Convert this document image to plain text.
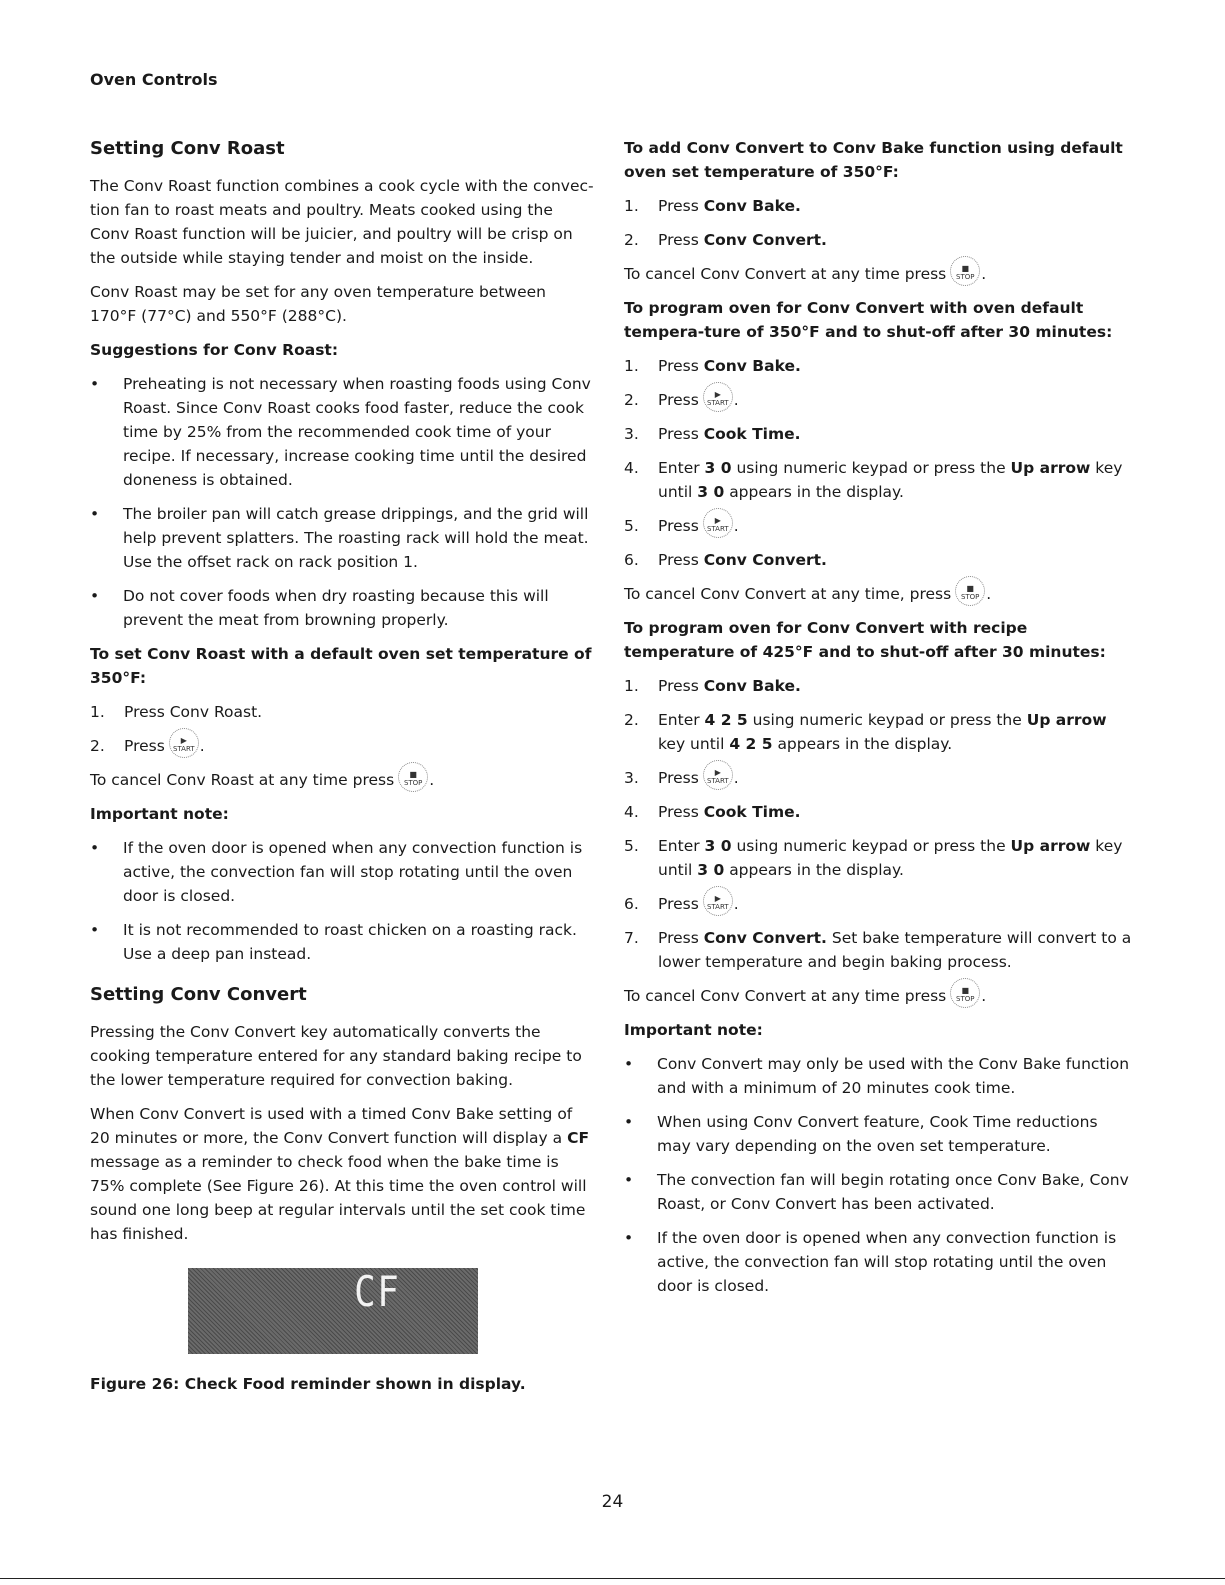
Oven Controls
Setting Conv Roast

The Conv Roast function combines a cook cycle with the convec-tion fan to roast meats and poultry. Meats cooked using the Conv Roast function will be juicier, and poultry will be crisp on the outside while staying tender and moist on the inside.

Conv Roast may be set for any oven temperature between 170°F (77°C) and 550°F (288°C).

Suggestions for Conv Roast:
• Preheating is not necessary when roasting foods using Conv Roast. Since Conv Roast cooks food faster, reduce the cook time by 25% from the recommended cook time of your recipe. If necessary, increase cooking time until the desired doneness is obtained.
• The broiler pan will catch grease drippings, and the grid will help prevent splatters. The roasting rack will hold the meat. Use the offset rack on rack position 1.
• Do not cover foods when dry roasting because this will prevent the meat from browning properly.
To set Conv Roast with a default oven set temperature of 350°F:
1. Press Conv Roast.
2. Press	▶
START .

To cancel Conv Roast at any time press	■
STOP .

Important note:
• If the oven door is opened when any convection function is active, the convection fan will stop rotating until the oven door is closed.
• It is not recommended to roast chicken on a roasting rack. Use a deep pan instead.
Setting Conv Convert

Pressing the Conv Convert key automatically converts the cooking temperature entered for any standard baking recipe to the lower temperature required for convection baking.

When Conv Convert is used with a timed Conv Bake setting of 20 minutes or more, the Conv Convert function will display a CF message as a reminder to check food when the bake time is 75% complete (See Figure 26). At this time the oven control will sound one long beep at regular intervals until the set cook time has finished.

CF
Figure 26: Check Food reminder shown in display.
To add Conv Convert to Conv Bake function using default oven set temperature of 350°F:
1. Press Conv Bake.
2. Press Conv Convert.

To cancel Conv Convert at any time press	■
STOP .

To program oven for Conv Convert with oven default tempera-ture of 350°F and to shut-off after 30 minutes:
1. Press Conv Bake.
2. Press	▶
START .
3. Press Cook Time.
4. Enter 3 0 using numeric keypad or press the Up arrow key until 3 0 appears in the display.
5. Press	▶
START .
6. Press Conv Convert.

To cancel Conv Convert at any time, press	■
STOP .

To program oven for Conv Convert with recipe temperature of 425°F and to shut-off after 30 minutes:
1. Press Conv Bake.
2. Enter 4 2 5 using numeric keypad or press the Up arrow key until 4 2 5 appears in the display.
3. Press	▶
START .
4. Press Cook Time.
5. Enter 3 0 using numeric keypad or press the Up arrow key until 3 0 appears in the display.
6. Press	▶
START .
7. Press Conv Convert. Set bake temperature will convert to a lower temperature and begin baking process.

To cancel Conv Convert at any time press	■
STOP .

Important note:
• Conv Convert may only be used with the Conv Bake function and with a minimum of 20 minutes cook time.
• When using Conv Convert feature, Cook Time reductions may vary depending on the oven set temperature.
• The convection fan will begin rotating once Conv Bake, Conv Roast, or Conv Convert has been activated.
• If the oven door is opened when any convection function is active, the convection fan will stop rotating until the oven door is closed.
24
